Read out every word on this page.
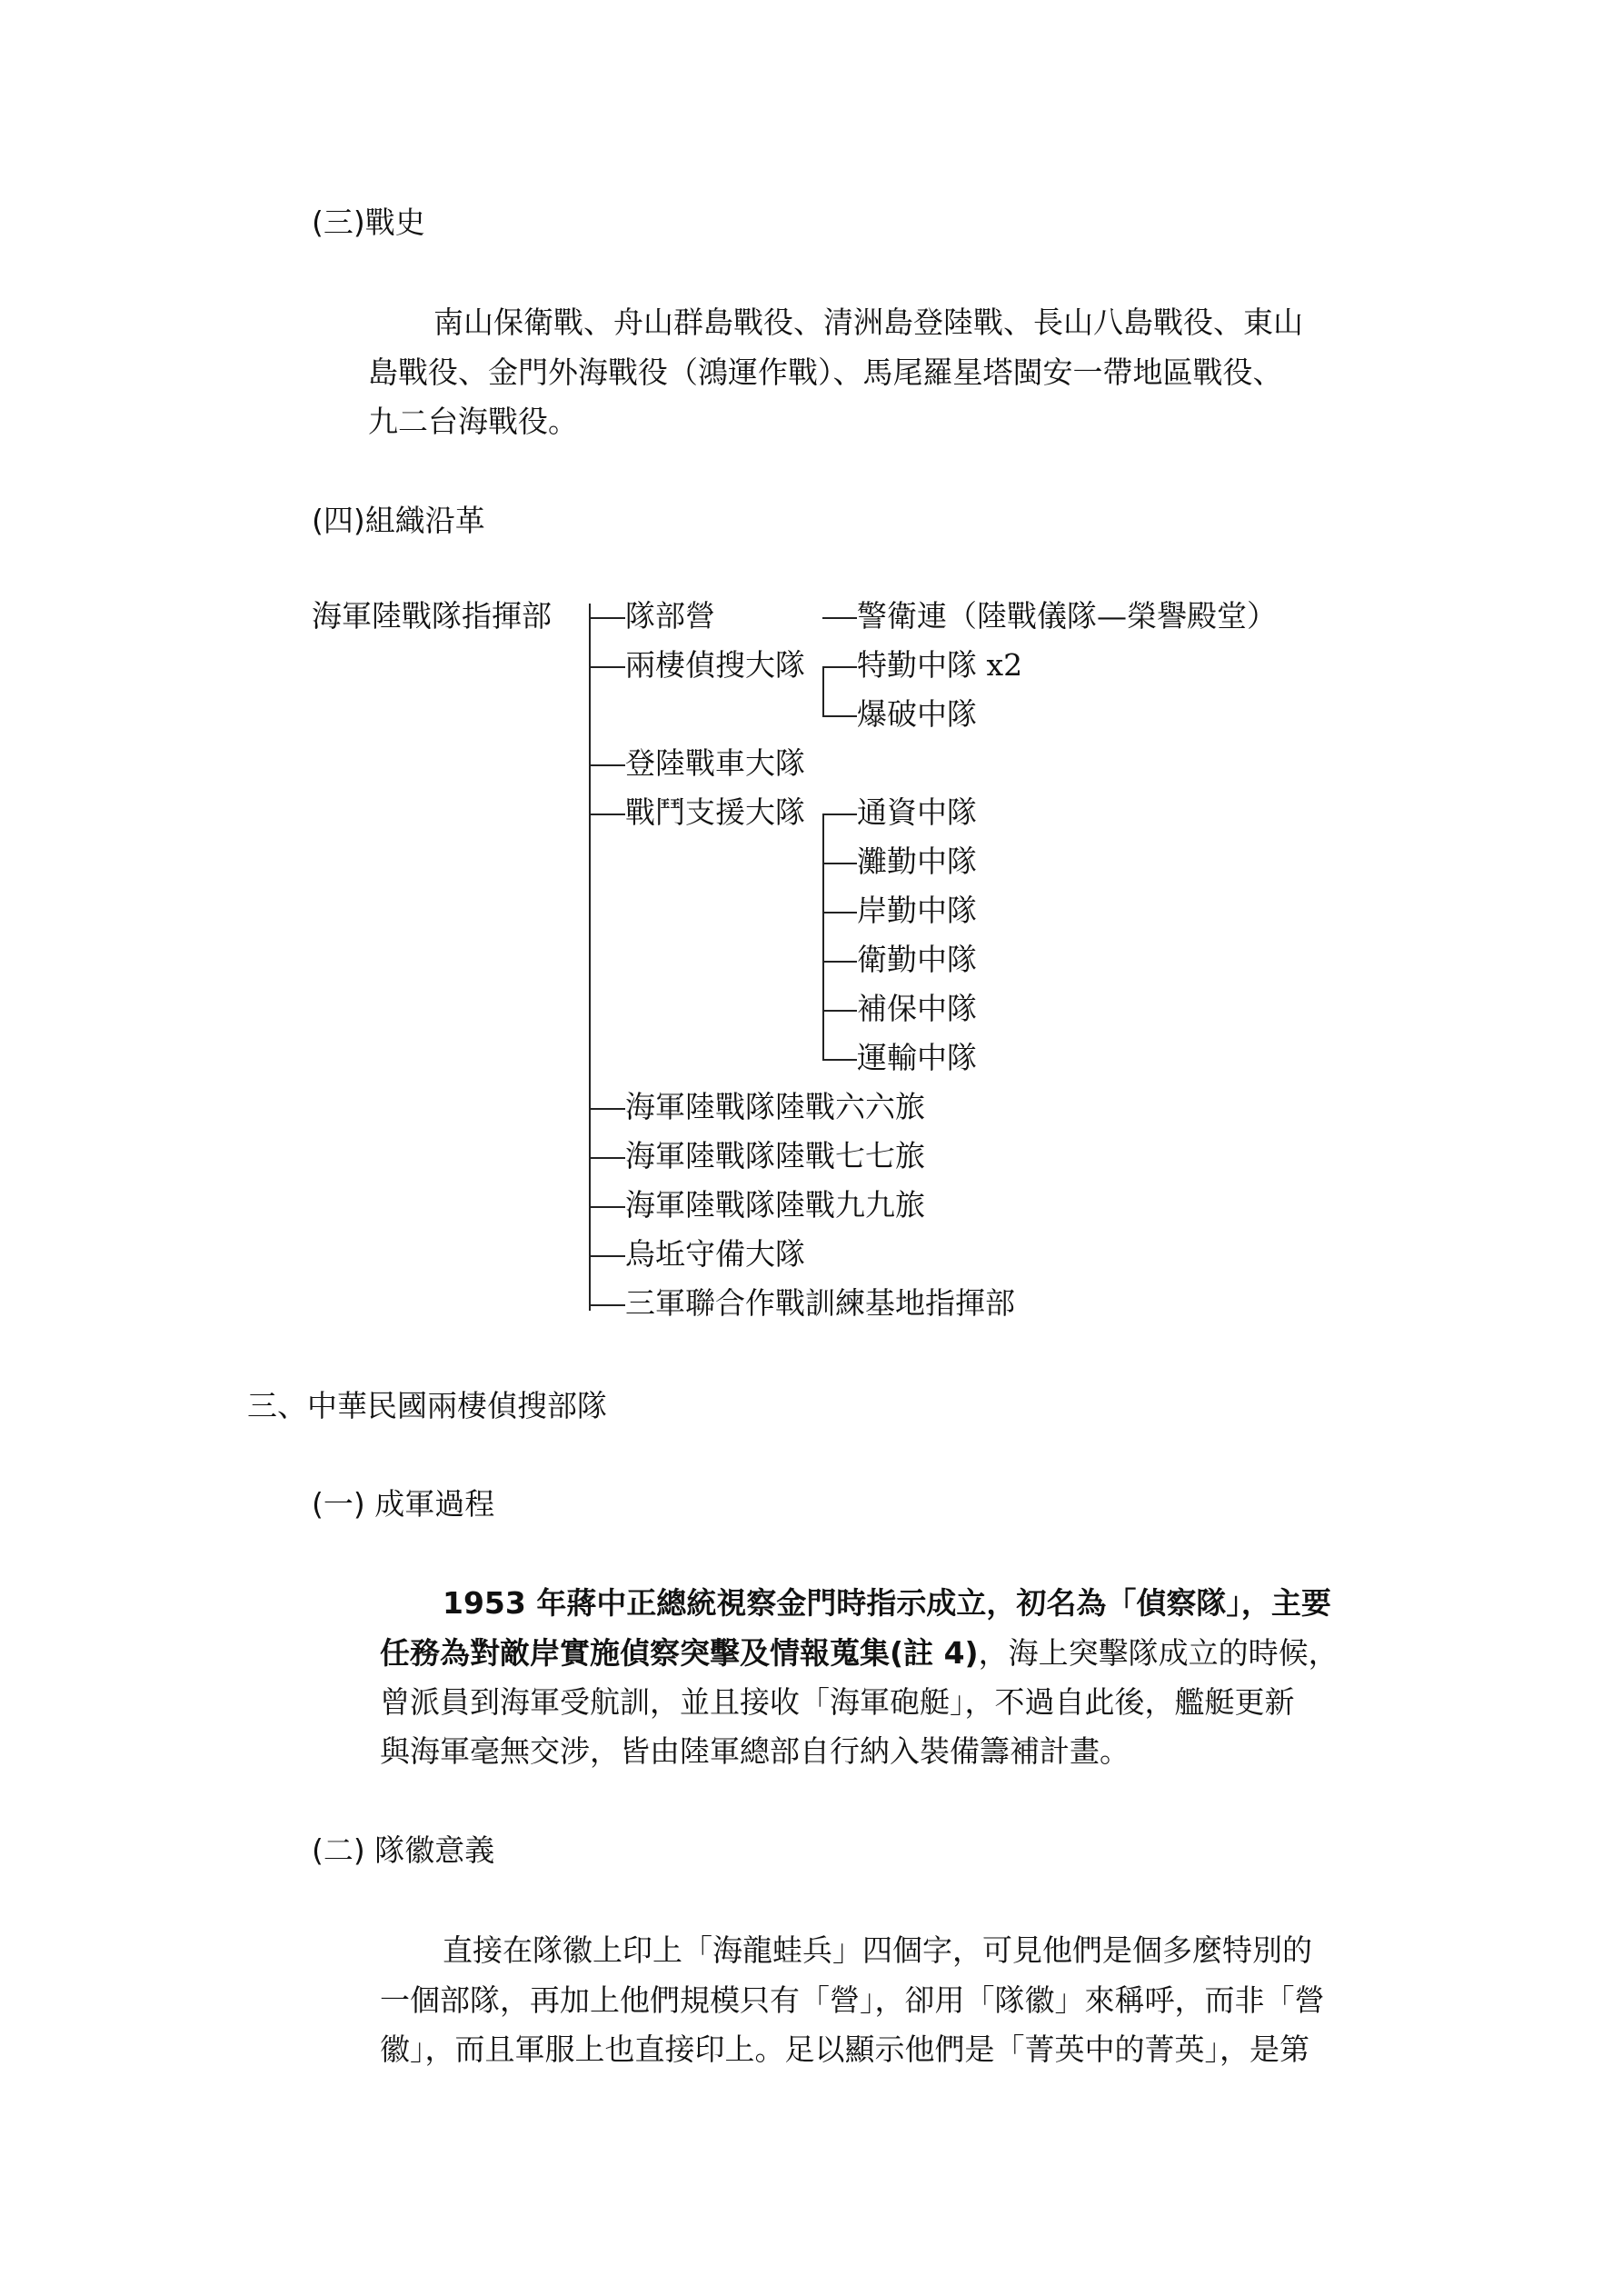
(三)戰史
南山保衛戰、舟山群島戰役、清洲島登陸戰、長山八島戰役、東山
島戰役、金門外海戰役（鴻運作戰）、馬尾羅星塔閩安一帶地區戰役、
九二台海戰役。
(四)組織沿革
海軍陸戰隊指揮部 隊部營	警衛連（陸戰儀隊—榮譽殿堂）
兩棲偵搜大隊 特勤中隊 x2
爆破中隊
登陸戰車大隊
戰鬥支援大隊 通資中隊
灘勤中隊
岸勤中隊
衛勤中隊
補保中隊
運輸中隊
海軍陸戰隊陸戰六六旅
海軍陸戰隊陸戰七七旅
海軍陸戰隊陸戰九九旅
烏坵守備大隊
三軍聯合作戰訓練基地指揮部
三、中華民國兩棲偵搜部隊
(一) 成軍過程
1953 年蔣中正總統視察金門時指示成立，初名為「偵察隊」，主要
任務為對敵岸實施偵察突擊及情報蒐集(註 4)，海上突擊隊成立的時候，
曾派員到海軍受航訓，並且接收「海軍砲艇」，不過自此後，艦艇更新
與海軍毫無交涉，皆由陸軍總部自行納入裝備籌補計畫。
(二) 隊徽意義
直接在隊徽上印上「海龍蛙兵」四個字，可見他們是個多麼特別的
一個部隊，再加上他們規模只有「營」，卻用「隊徽」來稱呼，而非「營
徽」，而且軍服上也直接印上。足以顯示他們是「菁英中的菁英」，是第
